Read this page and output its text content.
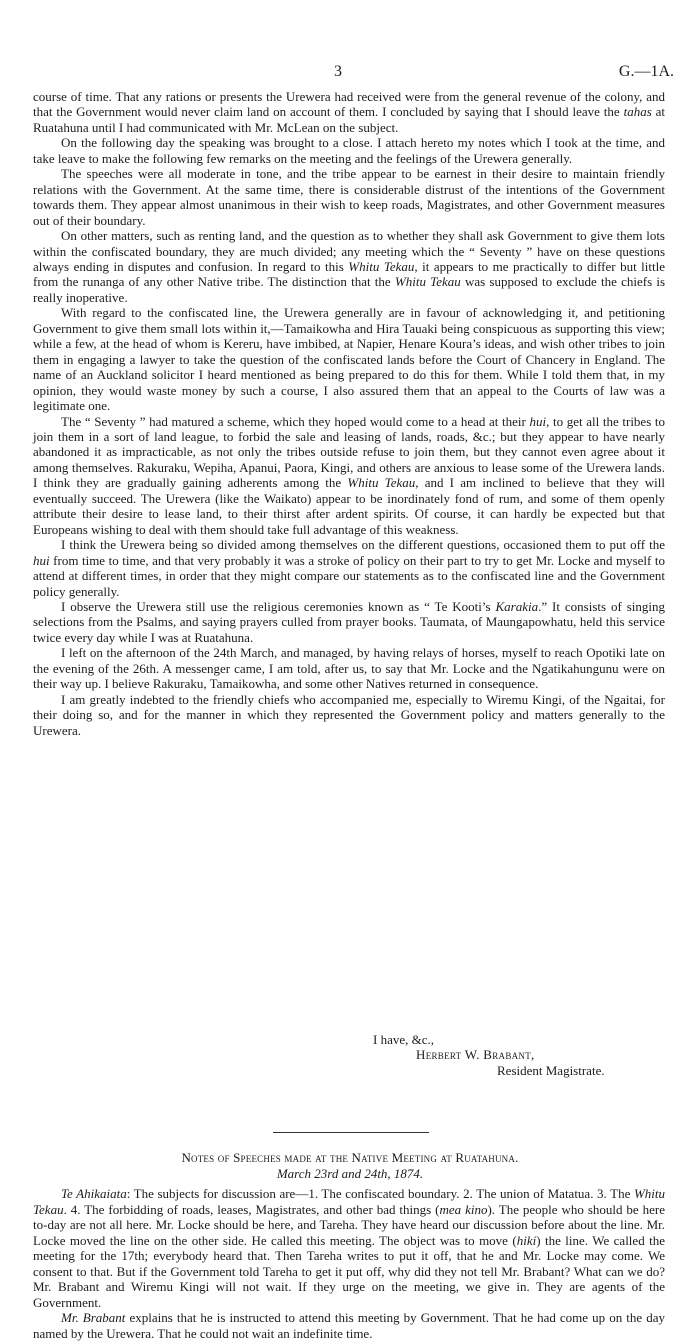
3	G.—1A.

course of time. That any rations or presents the Urewera had received were from the general revenue of the colony, and that the Government would never claim land on account of them. I concluded by saying that I should leave the tahas at Ruatahuna until I had communicated with Mr. McLean on the subject.

On the following day the speaking was brought to a close. I attach hereto my notes which I took at the time, and take leave to make the following few remarks on the meeting and the feelings of the Urewera generally.

The speeches were all moderate in tone, and the tribe appear to be earnest in their desire to maintain friendly relations with the Government. At the same time, there is considerable distrust of the intentions of the Government towards them. They appear almost unanimous in their wish to keep roads, Magistrates, and other Government measures out of their boundary.

On other matters, such as renting land, and the question as to whether they shall ask Government to give them lots within the confiscated boundary, they are much divided; any meeting which the “ Seventy ” have on these questions always ending in disputes and confusion. In regard to this Whitu Tekau, it appears to me practically to differ but little from the runanga of any other Native tribe. The distinction that the Whitu Tekau was supposed to exclude the chiefs is really inoperative.

With regard to the confiscated line, the Urewera generally are in favour of acknowledging it, and petitioning Government to give them small lots within it,—Tamaikowha and Hira Tauaki being conspicuous as supporting this view; while a few, at the head of whom is Kereru, have imbibed, at Napier, Henare Koura’s ideas, and wish other tribes to join them in engaging a lawyer to take the question of the confiscated lands before the Court of Chancery in England. The name of an Auckland solicitor I heard mentioned as being prepared to do this for them. While I told them that, in my opinion, they would waste money by such a course, I also assured them that an appeal to the Courts of law was a legitimate one.

The “ Seventy ” had matured a scheme, which they hoped would come to a head at their hui, to get all the tribes to join them in a sort of land league, to forbid the sale and leasing of lands, roads, &c.; but they appear to have nearly abandoned it as impracticable, as not only the tribes outside refuse to join them, but they cannot even agree about it among themselves. Rakuraku, Wepiha, Apanui, Paora, Kingi, and others are anxious to lease some of the Urewera lands. I think they are gradually gaining adherents among the Whitu Tekau, and I am inclined to believe that they will eventually succeed. The Urewera (like the Waikato) appear to be inordinately fond of rum, and some of them openly attribute their desire to lease land, to their thirst after ardent spirits. Of course, it can hardly be expected but that Europeans wishing to deal with them should take full advantage of this weakness.

I think the Urewera being so divided among themselves on the different questions, occasioned them to put off the hui from time to time, and that very probably it was a stroke of policy on their part to try to get Mr. Locke and myself to attend at different times, in order that they might compare our statements as to the confiscated line and the Government policy generally.

I observe the Urewera still use the religious ceremonies known as “ Te Kooti’s Karakia.” It consists of singing selections from the Psalms, and saying prayers culled from prayer books. Taumata, of Maungapowhatu, held this service twice every day while I was at Ruatahuna.

I left on the afternoon of the 24th March, and managed, by having relays of horses, myself to reach Opotiki late on the evening of the 26th. A messenger came, I am told, after us, to say that Mr. Locke and the Ngatikahungunu were on their way up. I believe Rakuraku, Tamaikowha, and some other Natives returned in consequence.

I am greatly indebted to the friendly chiefs who accompanied me, especially to Wiremu Kingi, of the Ngaitai, for their doing so, and for the manner in which they represented the Government policy and matters generally to the Urewera.

I have, &c.,
Herbert W. Brabant,
Resident Magistrate.
Notes of Speeches made at the Native Meeting at Ruatahuna.
March 23rd and 24th, 1874.

Te Ahikaiata: The subjects for discussion are—1. The confiscated boundary. 2. The union of Matatua. 3. The Whitu Tekau. 4. The forbidding of roads, leases, Magistrates, and other bad things (mea kino). The people who should be here to-day are not all here. Mr. Locke should be here, and Tareha. They have heard our discussion before about the line. Mr. Locke moved the line on the other side. He called this meeting. The object was to move (hiki) the line. We called the meeting for the 17th; everybody heard that. Then Tareha writes to put it off, that he and Mr. Locke may come. We consent to that. But if the Government told Tareha to get it put off, why did they not tell Mr. Brabant? What can we do? Mr. Brabant and Wiremu Kingi will not wait. If they urge on the meeting, we give in. They are agents of the Government.

Mr. Brabant explains that he is instructed to attend this meeting by Government. That he had come up on the day named by the Urewera. That he could not wait an indefinite time.
